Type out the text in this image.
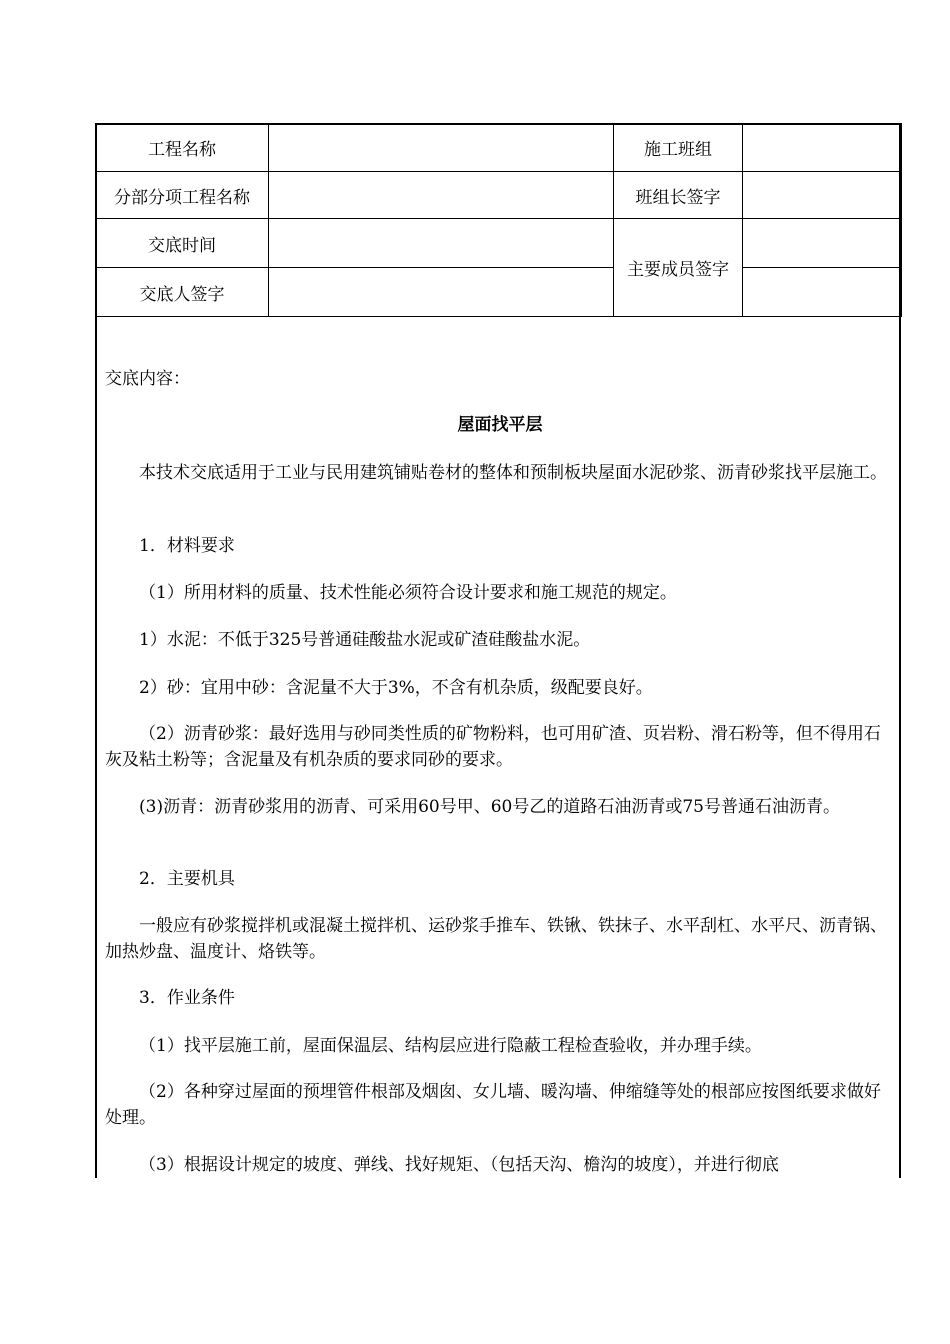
工程名称		施工班组	
分部分项工程名称		班组长签字	
交底时间		主要成员签字	
交底人签字			

交底内容：

屋面找平层

本技术交底适用于工业与民用建筑铺贴卷材的整体和预制板块屋面水泥砂浆、沥青砂浆找平层施工。

1．材料要求

（1）所用材料的质量、技术性能必须符合设计要求和施工规范的规定。

1）水泥：不低于325号普通硅酸盐水泥或矿渣硅酸盐水泥。

2）砂：宜用中砂：含泥量不大于3%，不含有机杂质，级配要良好。

（2）沥青砂浆：最好选用与砂同类性质的矿物粉料，也可用矿渣、页岩粉、滑石粉等，但不得用石灰及粘土粉等；含泥量及有机杂质的要求同砂的要求。

(3)沥青：沥青砂浆用的沥青、可采用60号甲、60号乙的道路石油沥青或75号普通石油沥青。

2．主要机具

一般应有砂浆搅拌机或混凝土搅拌机、运砂浆手推车、铁锹、铁抹子、水平刮杠、水平尺、沥青锅、加热炒盘、温度计、烙铁等。

3．作业条件

（1）找平层施工前，屋面保温层、结构层应进行隐蔽工程检查验收，并办理手续。

（2）各种穿过屋面的预埋管件根部及烟囱、女儿墙、暖沟墙、伸缩缝等处的根部应按图纸要求做好处理。

（3）根据设计规定的坡度、弹线、找好规矩、（包括天沟、檐沟的坡度），并进行彻底
